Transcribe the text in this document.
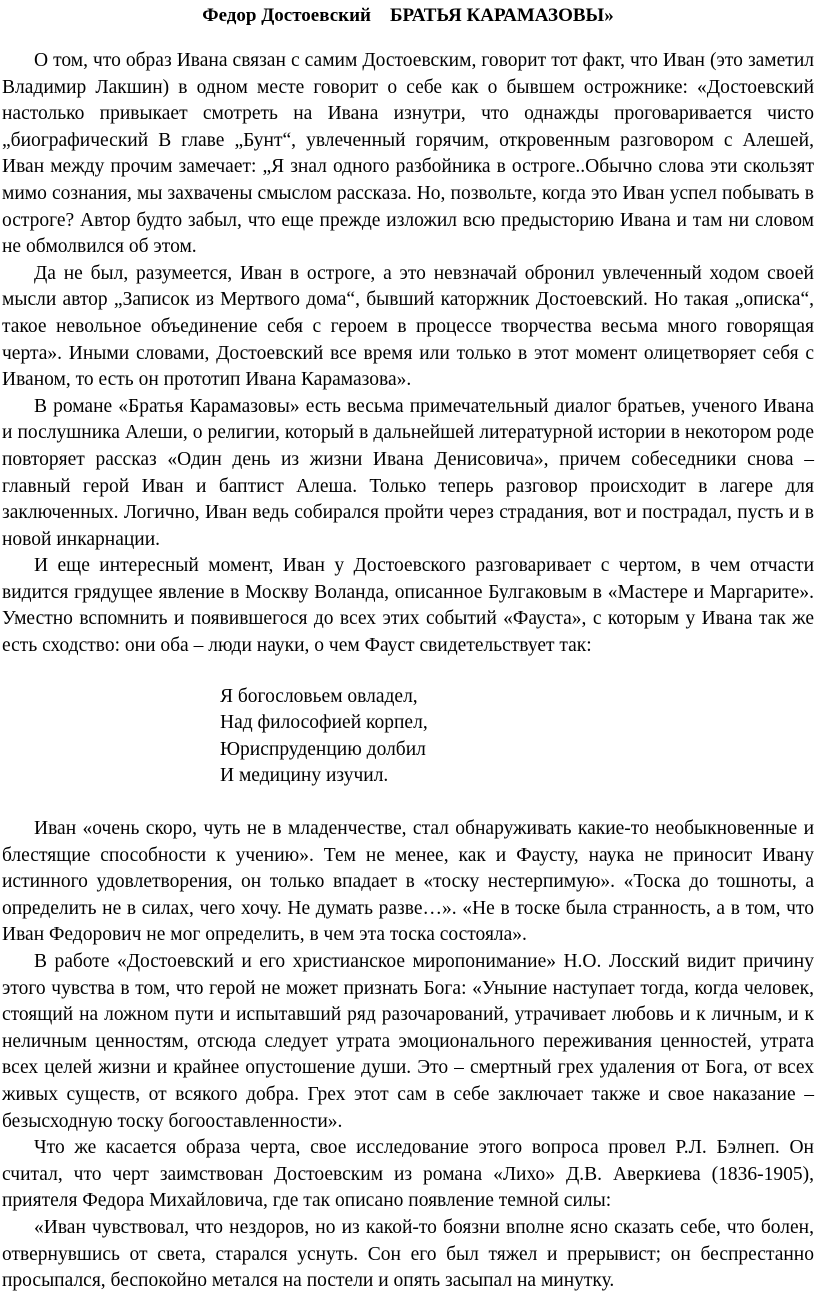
Федор Достоевский    БРАТЬЯ КАРАМАЗОВЫ»

О том, что образ Ивана связан с самим Достоевским, говорит тот факт, что Иван (это заметил Владимир Лакшин) в одном месте говорит о себе как о бывшем острожнике: «Достоевский настолько привыкает смотреть на Ивана изнутри, что однажды проговаривается чисто „биографический В главе „Бунт“, увлеченный горячим, откровенным разговором с Алешей, Иван между прочим замечает: „Я знал одного разбойника в остроге..Обычно слова эти скользят мимо сознания, мы захвачены смыслом рассказа. Но, позвольте, когда это Иван успел побывать в остроге? Автор будто забыл, что еще прежде изложил всю предысторию Ивана и там ни словом не обмолвился об этом.

Да не был, разумеется, Иван в остроге, а это невзначай обронил увлеченный ходом своей мысли автор „Записок из Мертвого дома“, бывший каторжник Достоевский. Но такая „описка“, такое невольное объединение себя с героем в процессе творчества весьма много говорящая черта». Иными словами, Достоевский все время или только в этот момент олицетворяет себя с Иваном, то есть он прототип Ивана Карамазова».

В романе «Братья Карамазовы» есть весьма примечательный диалог братьев, ученого Ивана и послушника Алеши, о религии, который в дальнейшей литературной истории в некотором роде повторяет рассказ «Один день из жизни Ивана Денисовича», причем собеседники снова – главный герой Иван и баптист Алеша. Только теперь разговор происходит в лагере для заключенных. Логично, Иван ведь собирался пройти через страдания, вот и пострадал, пусть и в новой инкарнации.

И еще интересный момент, Иван у Достоевского разговаривает с чертом, в чем отчасти видится грядущее явление в Москву Воланда, описанное Булгаковым в «Мастере и Маргарите». Уместно вспомнить и появившегося до всех этих событий «Фауста», с которым у Ивана так же есть сходство: они оба – люди науки, о чем Фауст свидетельствует так:

Я богословьем овладел,
Над философией корпел,
Юриспруденцию долбил
И медицину изучил.

Иван «очень скоро, чуть не в младенчестве, стал обнаруживать какие-то необыкновенные и блестящие способности к учению». Тем не менее, как и Фаусту, наука не приносит Ивану истинного удовлетворения, он только впадает в «тоску нестерпимую». «Тоска до тошноты, а определить не в силах, чего хочу. Не думать разве…». «Не в тоске была странность, а в том, что Иван Федорович не мог определить, в чем эта тоска состояла».

В работе «Достоевский и его христианское миропонимание» Н.О. Лосский видит причину этого чувства в том, что герой не может признать Бога: «Уныние наступает тогда, когда человек, стоящий на ложном пути и испытавший ряд разочарований, утрачивает любовь и к личным, и к неличным ценностям, отсюда следует утрата эмоционального переживания ценностей, утрата всех целей жизни и крайнее опустошение души. Это – смертный грех удаления от Бога, от всех живых существ, от всякого добра. Грех этот сам в себе заключает также и свое наказание – безысходную тоску богооставленности».

Что же касается образа черта, свое исследование этого вопроса провел Р.Л. Бэлнеп. Он считал, что черт заимствован Достоевским из романа «Лихо» Д.В. Аверкиева (1836-1905), приятеля Федора Михайловича, где так описано появление темной силы:

«Иван чувствовал, что нездоров, но из какой-то боязни вполне ясно сказать себе, что болен, отвернувшись от света, старался уснуть. Сон его был тяжел и прерывист; он беспрестанно просыпался, беспокойно метался на постели и опять засыпал на минутку.
